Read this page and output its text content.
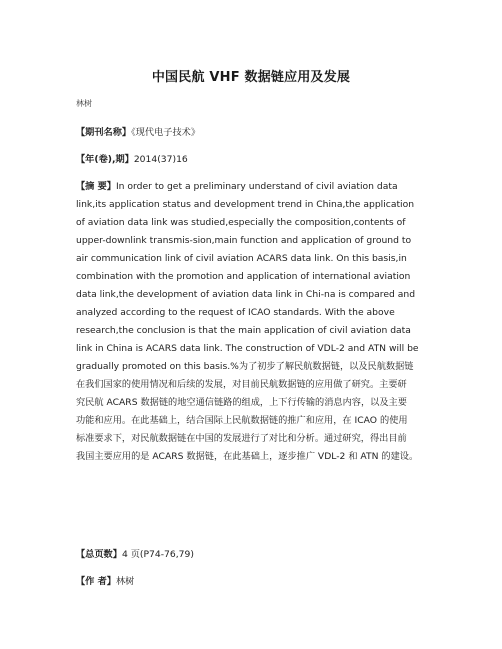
中国民航 VHF 数据链应用及发展
林树
【期刊名称】《现代电子技术》
【年(卷),期】2014(37)16
【摘 要】In order to get a preliminary understand of civil aviation data
link,its application status and development trend in China,the application
of aviation data link was studied,especially the composition,contents of
upper-downlink transmis-sion,main function and application of ground to
air communication link of civil aviation ACARS data link. On this basis,in
combination with the promotion and application of international aviation
data link,the development of aviation data link in Chi-na is compared and
analyzed according to the request of ICAO standards. With the above
research,the conclusion is that the main application of civil aviation data
link in China is ACARS data link. The construction of VDL-2 and ATN will be
gradually promoted on this basis.%为了初步了解民航数据链，以及民航数据链
在我们国家的使用情况和后续的发展，对目前民航数据链的应用做了研究。主要研
究民航 ACARS 数据链的地空通信链路的组成，上下行传输的消息内容，以及主要
功能和应用。在此基础上，结合国际上民航数据链的推广和应用，在 ICAO 的使用
标准要求下，对民航数据链在中国的发展进行了对比和分析。通过研究，得出目前
我国主要应用的是 ACARS 数据链，在此基础上，逐步推广 VDL-2 和 ATN 的建设。
【总页数】4 页(P74-76,79)
【作 者】林树
